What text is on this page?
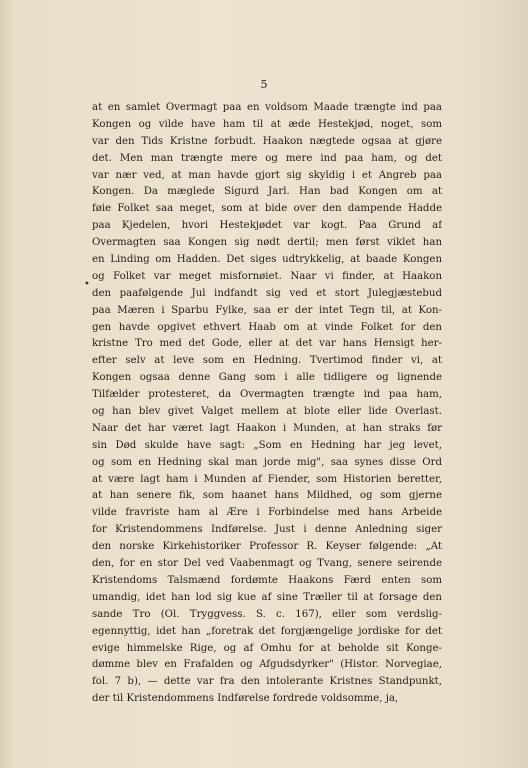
5
•
at en samlet Overmagt paa en voldsom Maade trængte ind paa
Kongen og vilde have ham til at æde Hestekjød, noget, som
var den Tids Kristne forbudt. Haakon nægtede ogsaa at gjøre
det. Men man trængte mere og mere ind paa ham, og det
var nær ved, at man havde gjort sig skyldig i et Angreb paa
Kongen. Da mæglede Sigurd Jarl. Han bad Kongen om at
føie Folket saa meget, som at bide over den dampende Hadde
paa Kjedelen, hvori Hestekjødet var kogt. Paa Grund af
Overmagten saa Kongen sig nødt dertil; men først viklet han
en Linding om Hadden. Det siges udtrykkelig, at baade Kongen
og Folket var meget misfornøiet. Naar vi finder, at Haakon
den paafølgende Jul indfandt sig ved et stort Julegjæstebud
paa Mæren i Sparbu Fylke, saa er der intet Tegn til, at Kon-
gen havde opgivet ethvert Haab om at vinde Folket for den
kristne Tro med det Gode, eller at det var hans Hensigt her-
efter selv at leve som en Hedning. Tvertimod finder vi, at
Kongen ogsaa denne Gang som i alle tidligere og lignende
Tilfælder protesteret, da Overmagten trængte ind paa ham,
og han blev givet Valget mellem at blote eller lide Overlast.
Naar det har været lagt Haakon i Munden, at han straks før
sin Død skulde have sagt: „Som en Hedning har jeg levet,
og som en Hedning skal man jorde mig", saa synes disse Ord
at være lagt ham i Munden af Fiender, som Historien beretter,
at han senere fik, som haanet hans Mildhed, og som gjerne
vilde fravriste ham al Ære i Forbindelse med hans Arbeide
for Kristendommens Indførelse. Just i denne Anledning siger
den norske Kirkehistoriker Professor R. Keyser følgende: „At
den, for en stor Del ved Vaabenmagt og Tvang, senere seirende
Kristendoms Talsmænd fordømte Haakons Færd enten som
umandig, idet han lod sig kue af sine Træller til at forsage den
sande Tro (Ol. Tryggvess. S. c. 167), eller som verdslig-
egennyttig, idet han „foretrak det forgjængelige jordiske for det
evige himmelske Rige, og af Omhu for at beholde sit Konge-
dømme blev en Frafalden og Afgudsdyrker" (Histor. Norvegiae,
fol. 7 b), — dette var fra den intolerante Kristnes Standpunkt,
der til Kristendommens Indførelse fordrede voldsomme, ja,
